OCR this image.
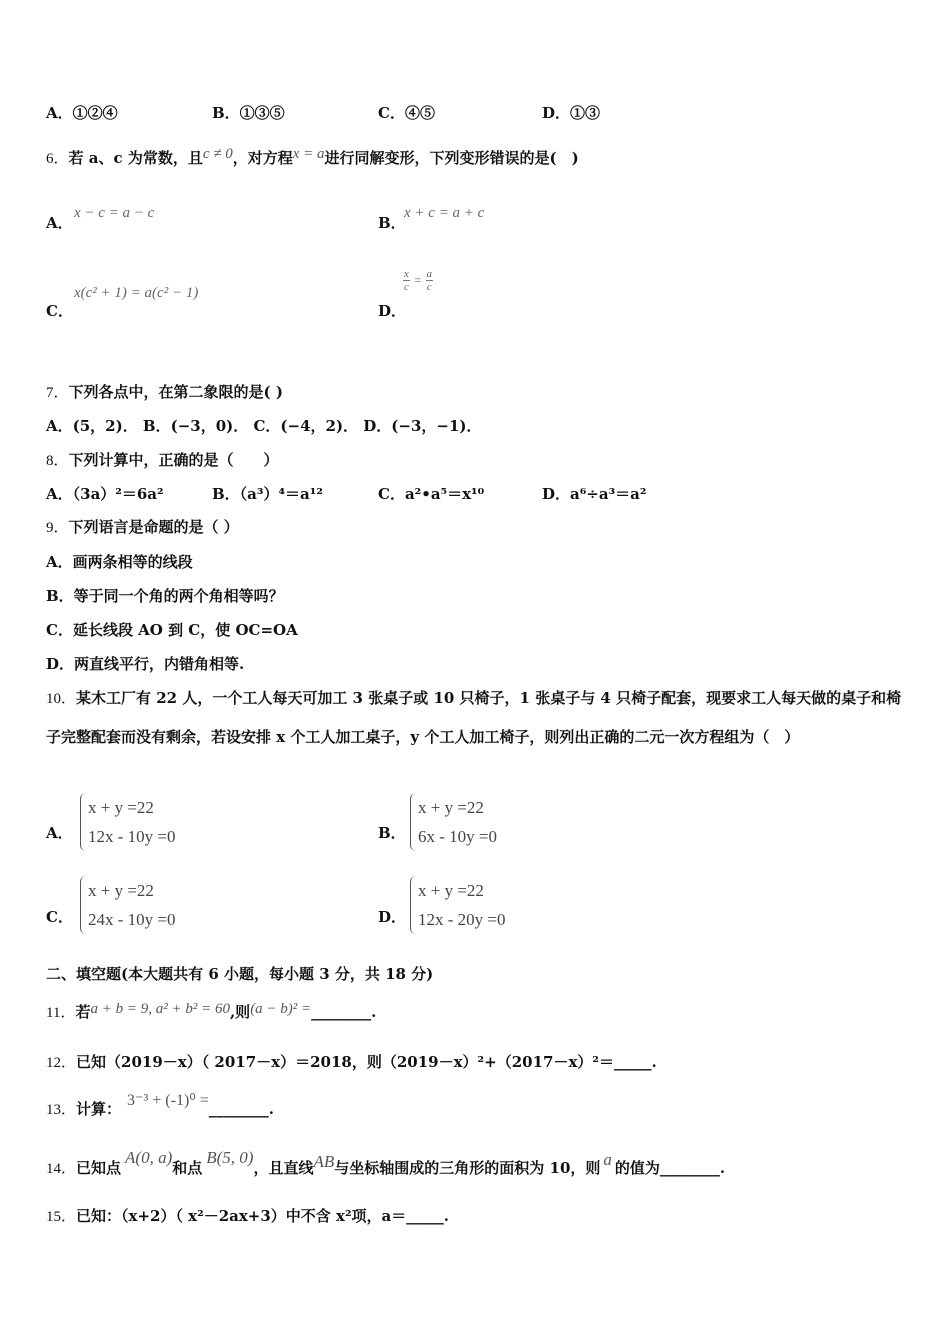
A．①②④	B．①③⑤	C．④⑤	D．①③
6．若 a、c 为常数，且c ≠ 0，对方程x = a进行同解变形，下列变形错误的是(　)
A．
x − c = a − c
B．
x + c = a + c
C．
x(c² + 1) = a(c² − 1)
D．
$\frac{x}{c} = \frac{a}{c}$
7．下列各点中，在第二象限的是( )
A．(5，2)． B．(−3，0)． C．(−4，2)． D．(−3，−1)．
8．下列计算中，正确的是（　　）
A．（3a）²＝6a²	B．（a³）⁴＝a¹²	C．a²•a⁵＝x¹⁰	D．a⁶÷a³＝a²
9．下列语言是命题的是（ ）
A．画两条相等的线段
B．等于同一个角的两个角相等吗？
C．延长线段 AO 到 C，使 OC=OA
D．两直线平行，内错角相等.
10．某木工厂有 22 人，一个工人每天可加工 3 张桌子或 10 只椅子，1 张桌子与 4 只椅子配套，现要求工人每天做的桌子和椅子完整配套而没有剩余，若设安排 x 个工人加工桌子，y 个工人加工椅子，则列出正确的二元一次方程组为（　）
A．
x + y =22
12x - 10y =0	B．
x + y =22
6x - 10y =0
C．
x + y =22
24x - 10y =0	D．
x + y =22
12x - 20y =0
二、填空题(本大题共有 6 小题，每小题 3 分，共 18 分)
11．若a + b = 9, a² + b² = 60,则(a − b)² =________.
12．已知（2019－x）（ 2017－x）＝2018，则（2019－x）²+（2017－x）²＝_____.
13．计算： 3⁻³ + (-1)⁰ =________.
14．已知点A(0, a)和点B(5, 0)，且直线AB与坐标轴围成的三角形的面积为 10，则 a 的值为________.
15．已知：（x+2）（ x²－2ax+3）中不含 x²项，a＝_____.
